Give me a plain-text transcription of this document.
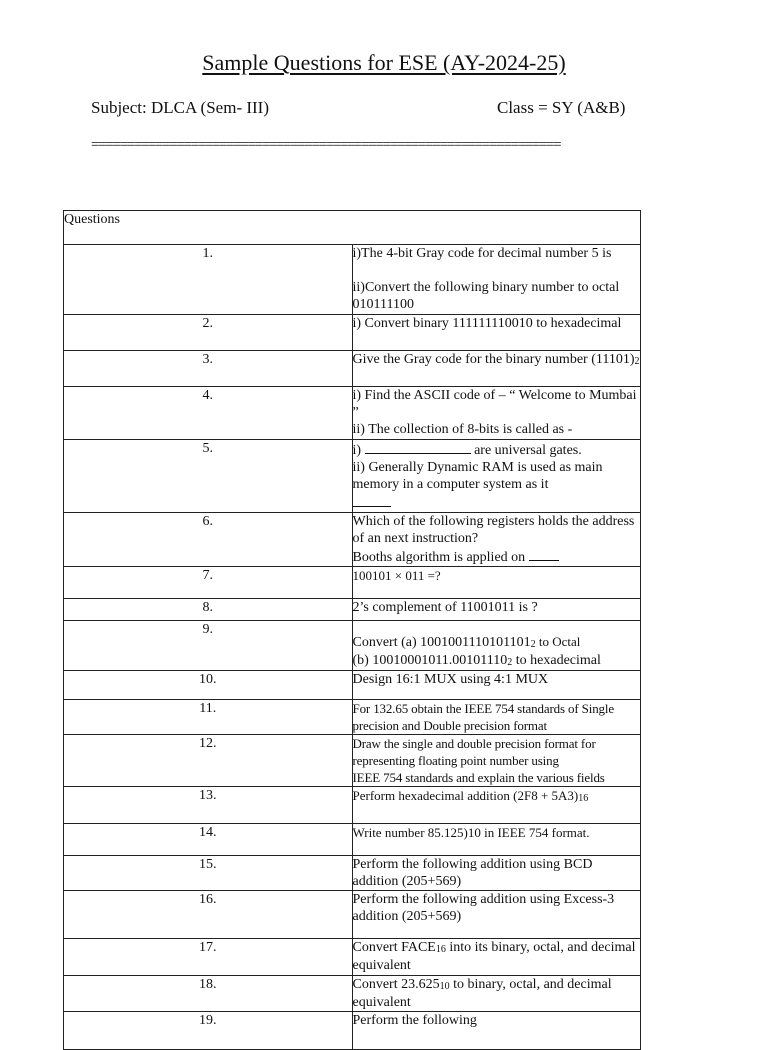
Sample Questions for ESE (AY-2024-25)
Subject: DLCA (Sem- III)	Class = SY (A&B)
==================================================================
Questions	
1.	i)The 4-bit Gray code for decimal number 5 is
ii)Convert the following binary number to octal 010111100

2.	i) Convert binary 111111110010 to hexadecimal
3.	Give the Gray code for the binary number (11101)2
4.	i) Find the ASCII code of – “ Welcome to Mumbai ”
ii) The collection of 8-bits is called as -

5.	i) are universal gates.
ii) Generally Dynamic RAM is used as main memory in a computer system as it

6.	Which of the following registers holds the address of an next instruction?
Booths algorithm is applied on

7.	100101 × 011 =?
8.	2’s complement of 11001011 is ?
9.	Convert (a) 10010011101011012 to Octal
(b) 10010001011.001011102 to hexadecimal

10.	Design 16:1 MUX using 4:1 MUX
11.	For 132.65 obtain the IEEE 754 standards of Single precision and Double precision format
12.	Draw the single and double precision format for representing floating point number using
IEEE 754 standards and explain the various fields

13.	Perform hexadecimal addition (2F8 + 5A3)16
14.	Write number 85.125)10 in IEEE 754 format.
15.	Perform the following addition using BCD addition (205+569)
16.	Perform the following addition using Excess-3 addition (205+569)
17.	Convert FACE16 into its binary, octal, and decimal equivalent
18.	Convert 23.62510 to binary, octal, and decimal equivalent
19.	Perform the following
